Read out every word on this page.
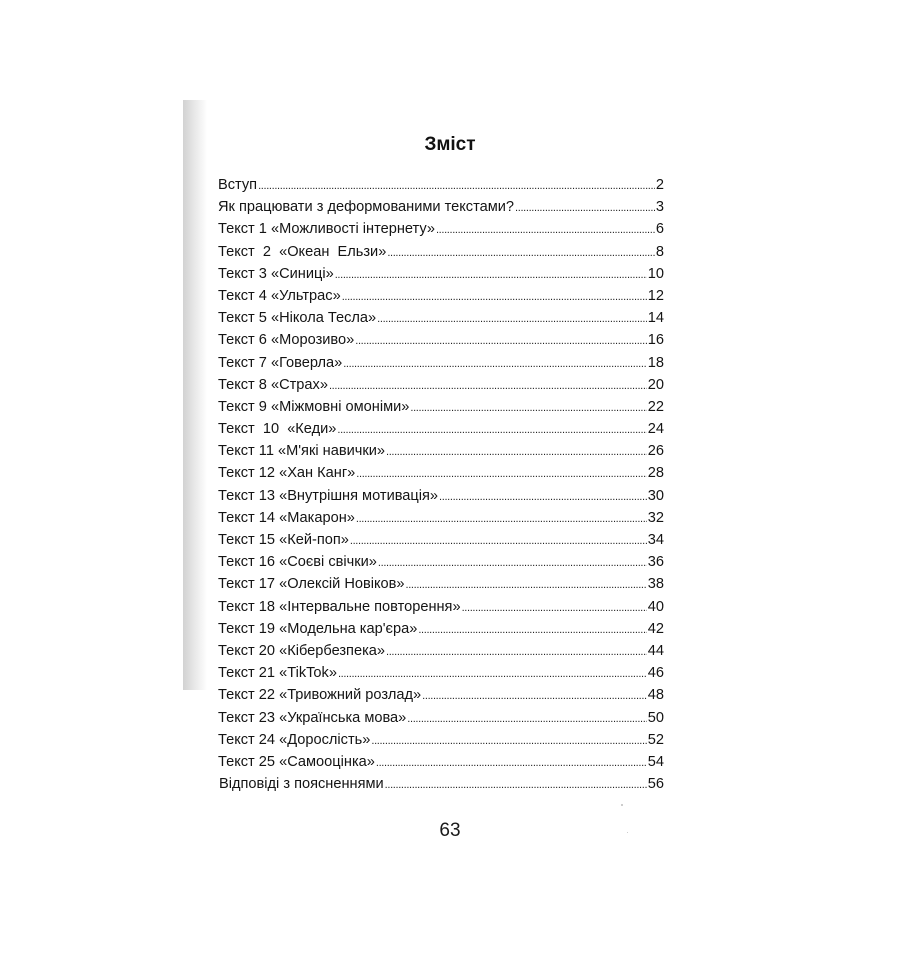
Зміст
Вступ .....	2
Як працювати з деформованими текстами? .....	3
Текст 1 «Можливості інтернету» .....	6
Текст  2  «Океан  Ельзи» .....	8
Текст 3 «Синиці» .....	10
Текст 4 «Ультрас» .....	12
Текст 5 «Нікола Тесла» .....	14
Текст 6 «Морозиво» .....	16
Текст 7 «Говерла» .....	18
Текст 8 «Страх» .....	20
Текст 9 «Міжмовні омоніми» .....	22
Текст  10  «Кеди» .....	24
Текст 11 «М'які навички» .....	26
Текст 12 «Хан Канг» .....	28
Текст 13 «Внутрішня мотивація» .....	30
Текст 14 «Макарон» .....	32
Текст 15 «Кей-поп» .....	34
Текст 16 «Соєві свічки» .....	36
Текст 17 «Олексій Новіков» .....	38
Текст 18 «Інтервальне повторення» .....	40
Текст 19 «Модельна кар'єра» .....	42
Текст 20 «Кібербезпека» .....	44
Текст 21 «TikTok» .....	46
Текст 22 «Тривожний розлад» .....	48
Текст 23 «Українська мова» .....	50
Текст 24 «Дорослість» .....	52
Текст 25 «Самооцінка» .....	54
Відповіді з поясненнями .....	56
63
